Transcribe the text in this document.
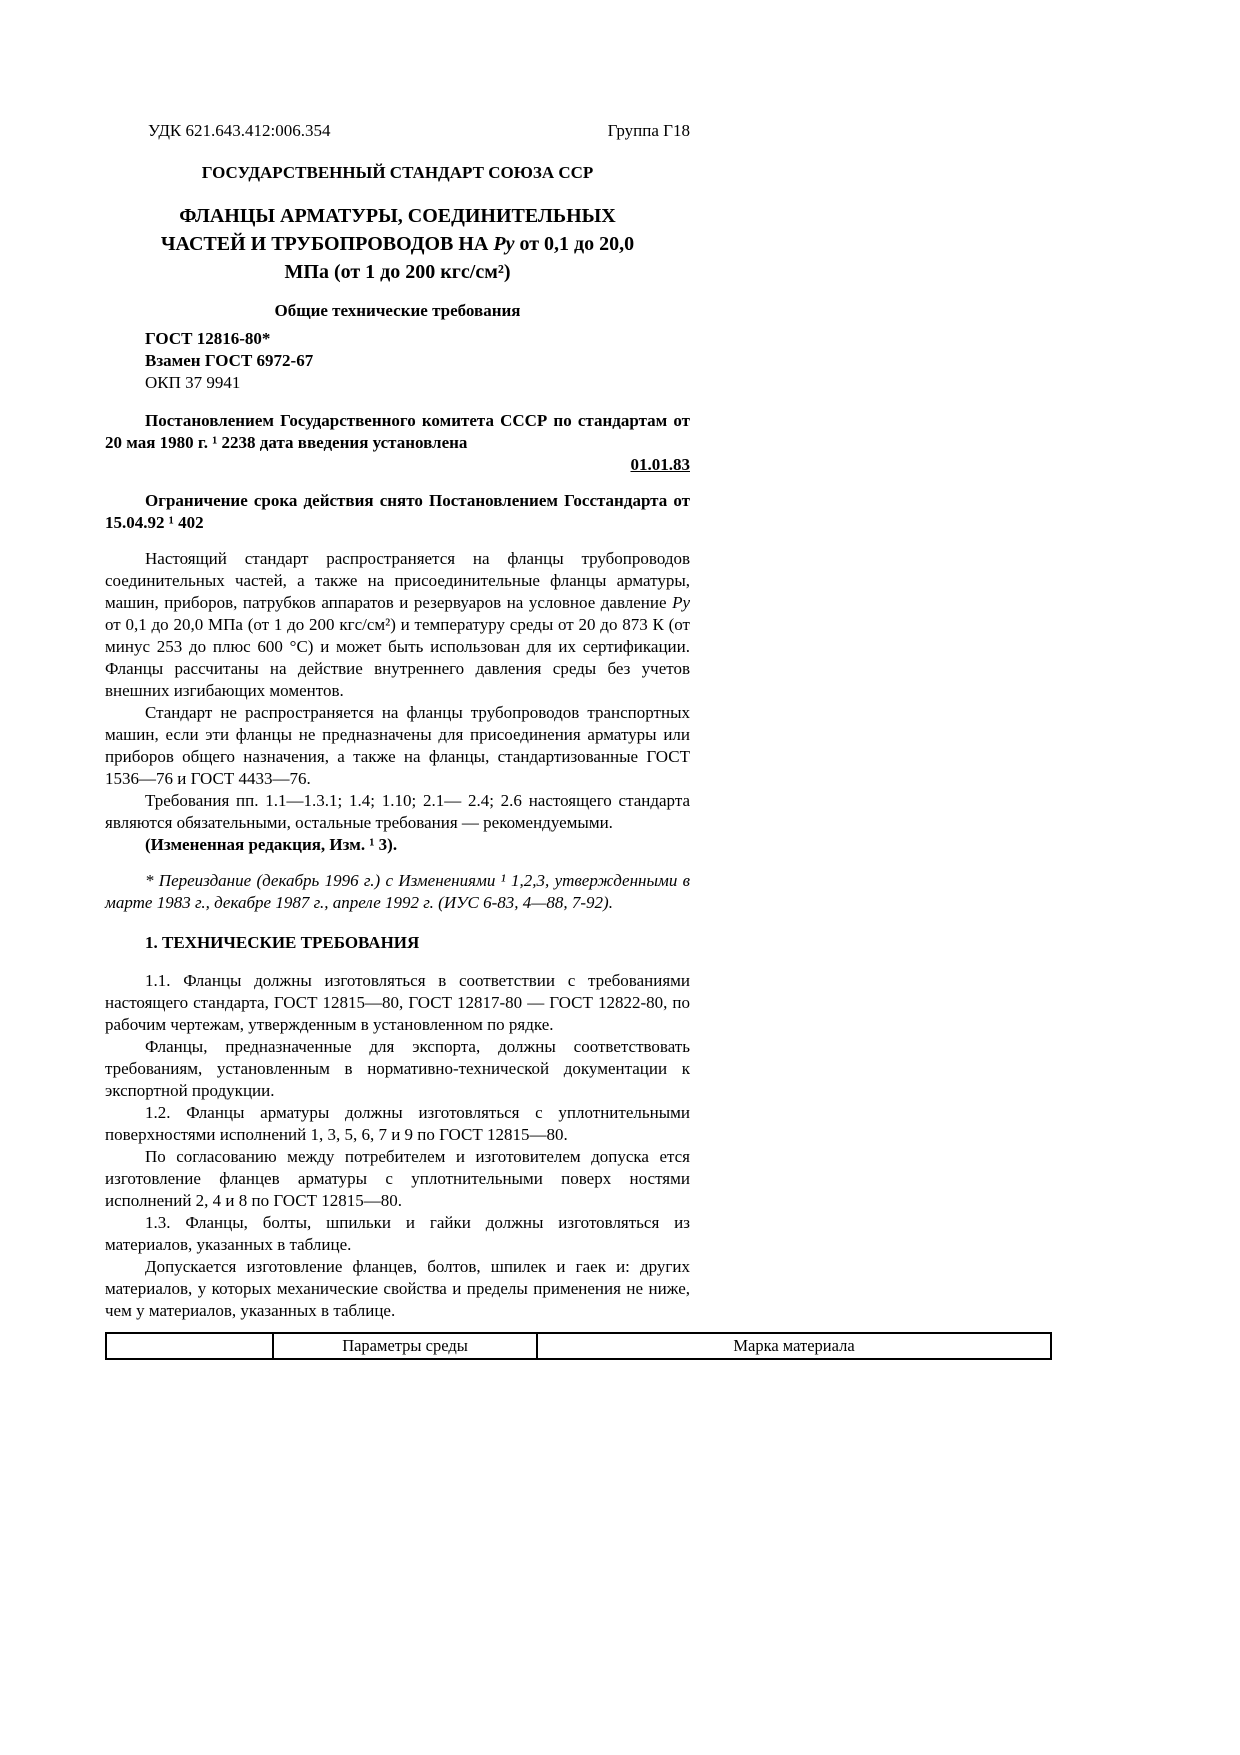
УДК 621.643.412:006.354	Группа Г18
ГОСУДАРСТВЕННЫЙ СТАНДАРТ СОЮЗА ССР
ФЛАНЦЫ АРМАТУРЫ, СОЕДИНИТЕЛЬНЫХ
ЧАСТЕЙ И ТРУБОПРОВОДОВ НА Ру от 0,1 до 20,0
МПа (от 1 до 200 кгс/см²)
Общие технические требования
ГОСТ 12816-80*
Взамен ГОСТ 6972-67
ОКП 37 9941

Постановлением Государственного комитета СССР по стандартам от 20 мая 1980 г. ¹ 2238 дата введения установлена

01.01.83

Ограничение срока действия снято Постановлением Госстандарта от 15.04.92 ¹ 402

Настоящий стандарт распространяется на фланцы трубопроводов соединительных частей, а также на присоединительные фланцы арматуры, машин, приборов, патрубков аппаратов и резервуаров на условное давление Ру от 0,1 до 20,0 МПа (от 1 до 200 кгс/см²) и температуру среды от 20 до 873 К (от минус 253 до плюс 600 °С) и может быть использован для их сертификации. Фланцы рассчитаны на действие внутреннего давления среды без учетов внешних изгибающих моментов.

Стандарт не распространяется на фланцы трубопроводов транспортных машин, если эти фланцы не предназначены для присоединения арматуры или приборов общего назначения, а также на фланцы, стандартизованные ГОСТ 1536—76 и ГОСТ 4433—76.

Требования пп. 1.1—1.3.1; 1.4; 1.10; 2.1— 2.4; 2.6 настоящего стандарта являются обязательными, остальные требования — рекомендуемыми.

(Измененная редакция, Изм. ¹ 3).

* Переиздание (декабрь 1996 г.) с Изменениями ¹ 1,2,3, утвержденными в марте 1983 г., декабре 1987 г., апреле 1992 г. (ИУС 6-83, 4—88, 7-92).

1. ТЕХНИЧЕСКИЕ ТРЕБОВАНИЯ

1.1. Фланцы должны изготовляться в соответствии с требованиями настоящего стандарта, ГОСТ 12815—80, ГОСТ 12817-80 — ГОСТ 12822-80, по рабочим чертежам, утвержденным в установленном по рядке.

Фланцы, предназначенные для экспорта, должны соответствовать требованиям, установленным в нормативно-технической документации к экспортной продукции.

1.2. Фланцы арматуры должны изготовляться с уплотнительными поверхностями исполнений 1, 3, 5, 6, 7 и 9 по ГОСТ 12815—80.

По согласованию между потребителем и изготовителем допуска ется изготовление фланцев арматуры с уплотнительными поверх ностями исполнений 2, 4 и 8 по ГОСТ 12815—80.

1.3. Фланцы, болты, шпильки и гайки должны изготовляться из материалов, указанных в таблице.

Допускается изготовление фланцев, болтов, шпилек и гаек и: других материалов, у которых механические свойства и пределы применения не ниже, чем у материалов, указанных в таблице.

	Параметры среды	Марка материала
